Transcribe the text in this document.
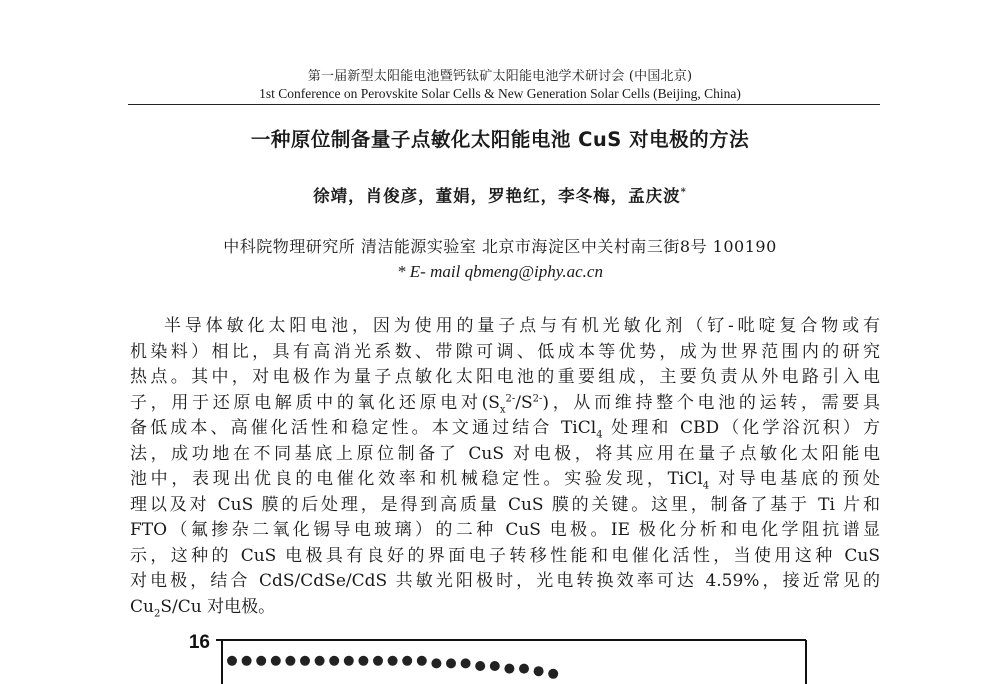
第一届新型太阳能电池暨钙钛矿太阳能电池学术研讨会 (中国北京)
1st Conference on Perovskite Solar Cells & New Generation Solar Cells (Beijing, China)
一种原位制备量子点敏化太阳能电池 CuS 对电极的方法
徐靖，肖俊彦，董娟，罗艳红，李冬梅，孟庆波*
中科院物理研究所 清洁能源实验室 北京市海淀区中关村南三街8号 100190
* E- mail qbmeng@iphy.ac.cn
半导体敏化太阳电池，因为使用的量子点与有机光敏化剂（钌-吡啶复合物或有
机染料）相比，具有高消光系数、带隙可调、低成本等优势，成为世界范围内的研究
热点。其中，对电极作为量子点敏化太阳电池的重要组成，主要负责从外电路引入电
子，用于还原电解质中的氧化还原电对$(S_x^{2-}/S^{2-})$，从而维持整个电池的运转，需要具
备低成本、高催化活性和稳定性。本文通过结合 TiCl$_4$ 处理和 CBD（化学浴沉积）方
法，成功地在不同基底上原位制备了 CuS 对电极，将其应用在量子点敏化太阳能电
池中，表现出优良的电催化效率和机械稳定性。实验发现，TiCl$_4$ 对导电基底的预处
理以及对 CuS 膜的后处理，是得到高质量 CuS 膜的关键。这里，制备了基于 Ti 片和
FTO（氟掺杂二氧化锡导电玻璃）的二种 CuS 电极。IE 极化分析和电化学阻抗谱显
示，这种的 CuS 电极具有良好的界面电子转移性能和电催化活性，当使用这种 CuS
对电极，结合 CdS/CdSe/CdS 共敏光阳极时，光电转换效率可达 4.59%，接近常见的
$Cu_2S/Cu$ 对电极。
16
